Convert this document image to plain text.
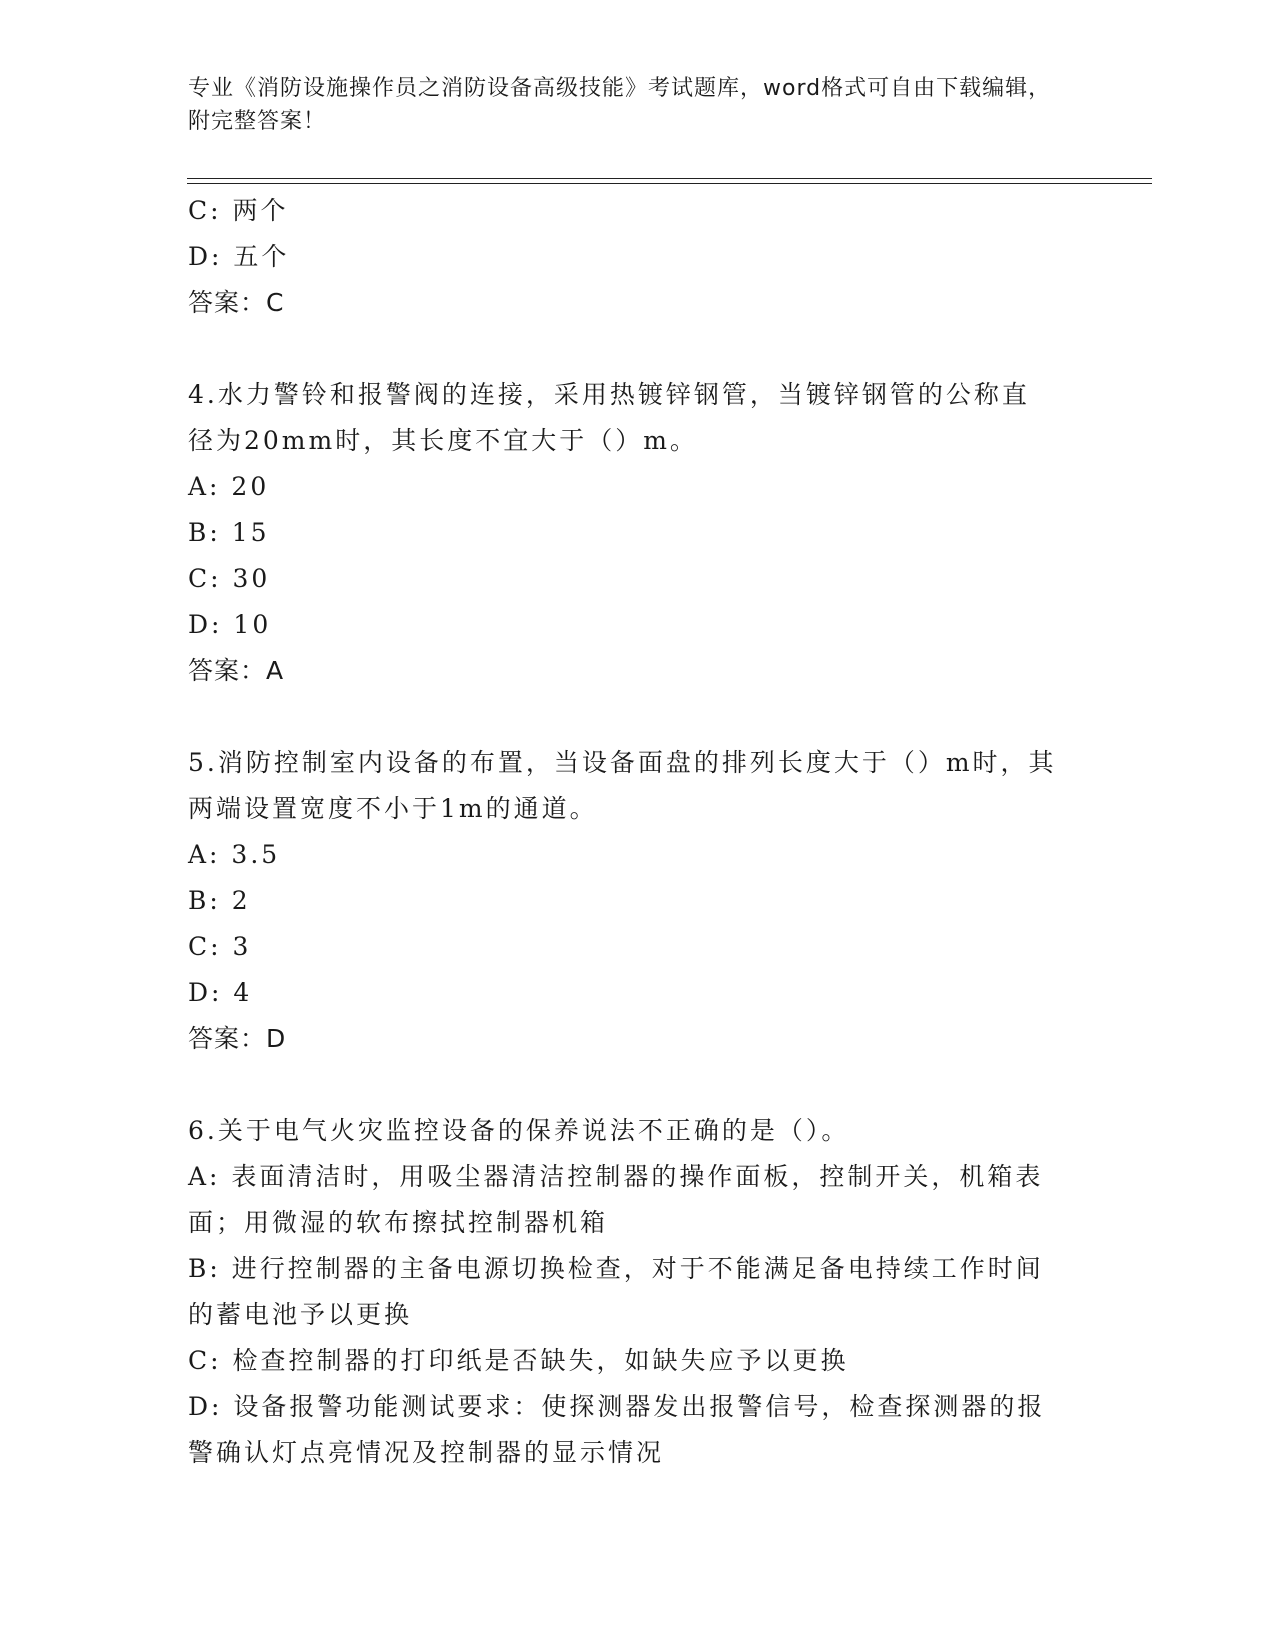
专业《消防设施操作员之消防设备高级技能》考试题库，word格式可自由下载编辑，附完整答案！
C: 两个
D: 五个
答案：C
4.水力警铃和报警阀的连接，采用热镀锌钢管，当镀锌钢管的公称直
径为20mm时，其长度不宜大于（）m。
A: 20
B: 15
C: 30
D: 10
答案：A
5.消防控制室内设备的布置，当设备面盘的排列长度大于（）m时，其
两端设置宽度不小于1m的通道。
A: 3.5
B: 2
C: 3
D: 4
答案：D
6.关于电气火灾监控设备的保养说法不正确的是（）。
A: 表面清洁时，用吸尘器清洁控制器的操作面板，控制开关，机箱表
面；用微湿的软布擦拭控制器机箱
B: 进行控制器的主备电源切换检查，对于不能满足备电持续工作时间
的蓄电池予以更换
C: 检查控制器的打印纸是否缺失，如缺失应予以更换
D: 设备报警功能测试要求：使探测器发出报警信号，检查探测器的报
警确认灯点亮情况及控制器的显示情况
